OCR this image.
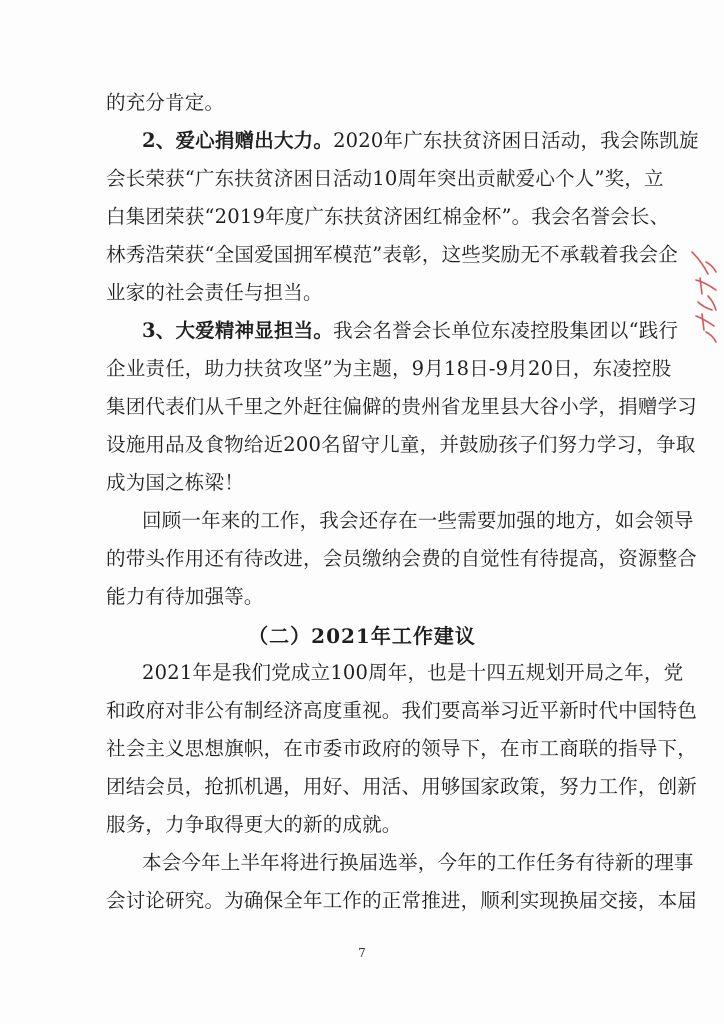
的充分肯定。
2、爱心捐赠出大力。2020年广东扶贫济困日活动，我会陈凯旋
会长荣获“广东扶贫济困日活动10周年突出贡献爱心个人”奖，立
白集团荣获“2019年度广东扶贫济困红棉金杯”。我会名誉会长、
林秀浩荣获“全国爱国拥军模范”表彰，这些奖励无不承载着我会企
业家的社会责任与担当。
3、大爱精神显担当。我会名誉会长单位东凌控股集团以“践行
企业责任，助力扶贫攻坚”为主题，9月18日-9月20日，东凌控股
集团代表们从千里之外赶往偏僻的贵州省龙里县大谷小学，捐赠学习
设施用品及食物给近200名留守儿童，并鼓励孩子们努力学习，争取
成为国之栋梁！
回顾一年来的工作，我会还存在一些需要加强的地方，如会领导
的带头作用还有待改进，会员缴纳会费的自觉性有待提高，资源整合
能力有待加强等。
（二）2021年工作建议
2021年是我们党成立100周年，也是十四五规划开局之年，党
和政府对非公有制经济高度重视。我们要高举习近平新时代中国特色
社会主义思想旗帜，在市委市政府的领导下，在市工商联的指导下，
团结会员，抢抓机遇，用好、用活、用够国家政策，努力工作，创新
服务，力争取得更大的新的成就。
本会今年上半年将进行换届选举，今年的工作任务有待新的理事
会讨论研究。为确保全年工作的正常推进，顺利实现换届交接，本届
7
